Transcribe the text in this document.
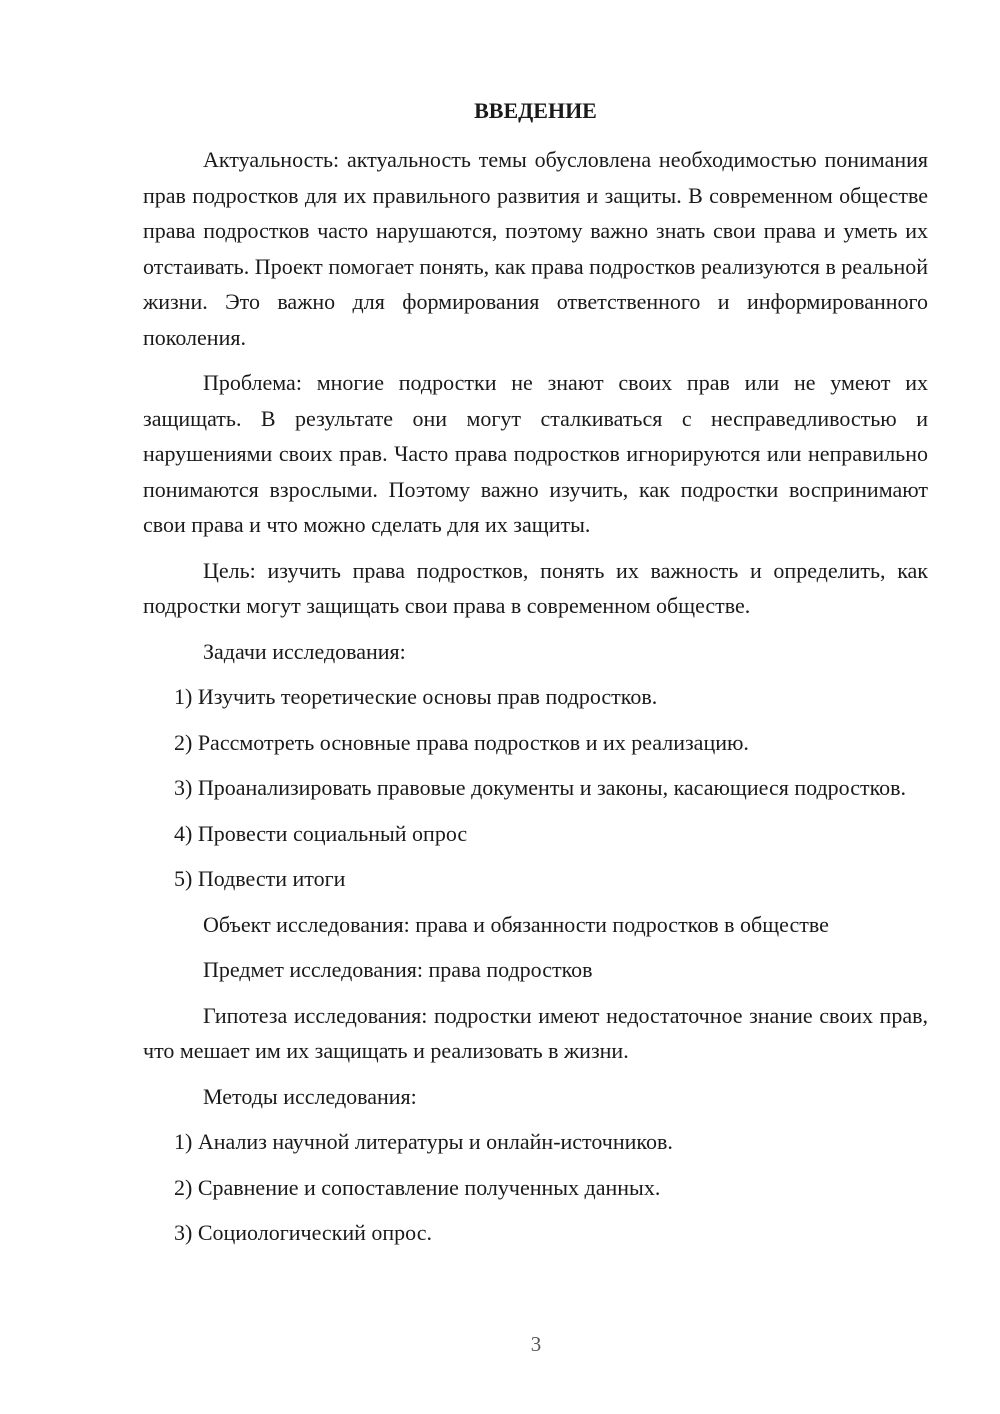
ВВЕДЕНИЕ

Актуальность: актуальность темы обусловлена необходимостью понимания прав подростков для их правильного развития и защиты. В современном обществе права подростков часто нарушаются, поэтому важно знать свои права и уметь их отстаивать. Проект помогает понять, как права подростков реализуются в реальной жизни. Это важно для формирования ответственного и информированного поколения.

Проблема: многие подростки не знают своих прав или не умеют их защищать. В результате они могут сталкиваться с несправедливостью и нарушениями своих прав. Часто права подростков игнорируются или неправильно понимаются взрослыми. Поэтому важно изучить, как подростки воспринимают свои права и что можно сделать для их защиты.

Цель: изучить права подростков, понять их важность и определить, как подростки могут защищать свои права в современном обществе.

Задачи исследования:

1) Изучить теоретические основы прав подростков.

2) Рассмотреть основные права подростков и их реализацию.

3) Проанализировать правовые документы и законы, касающиеся подростков.

4) Провести социальный опрос

5) Подвести итоги

Объект исследования: права и обязанности подростков в обществе
Предмет исследования: права подростков

Гипотеза исследования: подростки имеют недостаточное знание своих прав, что мешает им их защищать и реализовать в жизни.

Методы исследования:

1) Анализ научной литературы и онлайн-источников.

2) Сравнение и сопоставление полученных данных.

3) Социологический опрос.

3
